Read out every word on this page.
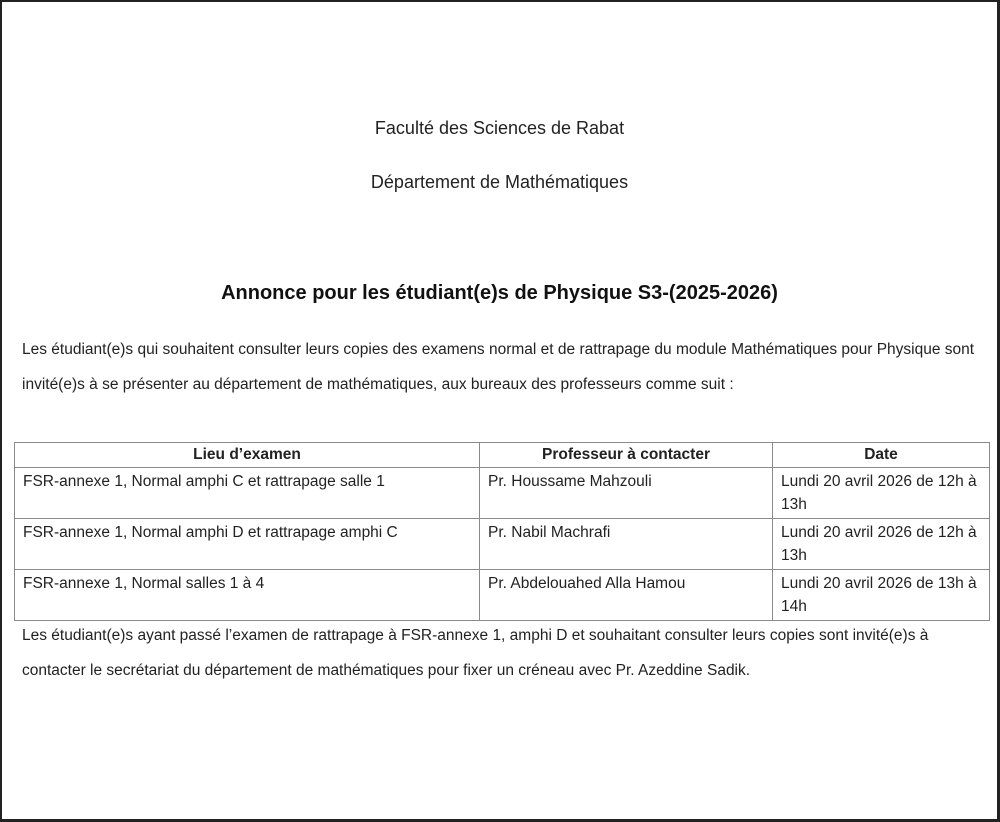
Faculté des Sciences de Rabat
Département de Mathématiques
Annonce pour les étudiant(e)s de Physique S3-(2025-2026)

Les étudiant(e)s qui souhaitent consulter leurs copies des examens normal et de rattrapage du module Mathématiques pour Physique sont invité(e)s à se présenter au département de mathématiques, aux bureaux des professeurs comme suit :

Lieu d’examen	Professeur à contacter	Date
FSR-annexe 1, Normal amphi C et rattrapage salle 1	Pr. Houssame Mahzouli	Lundi 20 avril 2026 de 12h à 13h
FSR-annexe 1, Normal amphi D et rattrapage amphi C	Pr. Nabil Machrafi	Lundi 20 avril 2026 de 12h à 13h
FSR-annexe 1, Normal salles 1 à 4	Pr. Abdelouahed Alla Hamou	Lundi 20 avril 2026 de 13h à 14h

Les étudiant(e)s ayant passé l’examen de rattrapage à FSR-annexe 1, amphi D et souhaitant consulter leurs copies sont invité(e)s à contacter le secrétariat du département de mathématiques pour fixer un créneau avec Pr. Azeddine Sadik.
